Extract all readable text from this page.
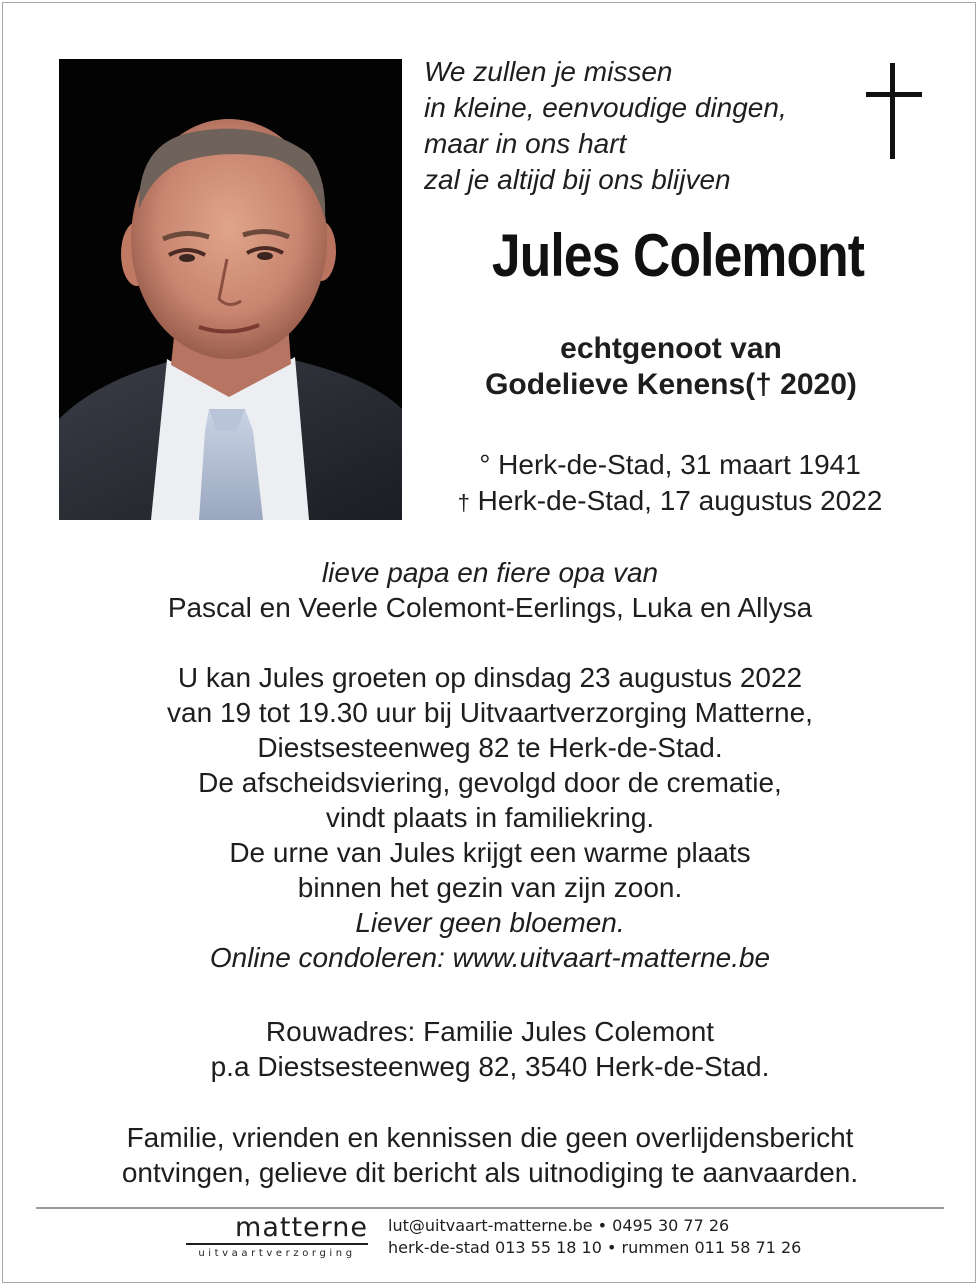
We zullen je missen
in kleine, eenvoudige dingen,
maar in ons hart
zal je altijd bij ons blijven
Jules Colemont
echtgenoot van
Godelieve Kenens(† 2020)
° Herk-de-Stad, 31 maart 1941
† Herk-de-Stad, 17 augustus 2022
lieve papa en fiere opa van
Pascal en Veerle Colemont-Eerlings, Luka en Allysa
U kan Jules groeten op dinsdag 23 augustus 2022
van 19 tot 19.30 uur bij Uitvaartverzorging Matterne,
Diestsesteenweg 82 te Herk-de-Stad.
De afscheidsviering, gevolgd door de crematie,
vindt plaats in familiekring.
De urne van Jules krijgt een warme plaats
binnen het gezin van zijn zoon.
Liever geen bloemen.
Online condoleren: www.uitvaart-matterne.be
Rouwadres: Familie Jules Colemont
p.a Diestsesteenweg 82, 3540 Herk-de-Stad.
Familie, vrienden en kennissen die geen overlijdensbericht
ontvingen, gelieve dit bericht als uitnodiging te aanvaarden.
matterne
uitvaartverzorging
lut@uitvaart-matterne.be • 0495 30 77 26
herk-de-stad 013 55 18 10 • rummen 011 58 71 26
